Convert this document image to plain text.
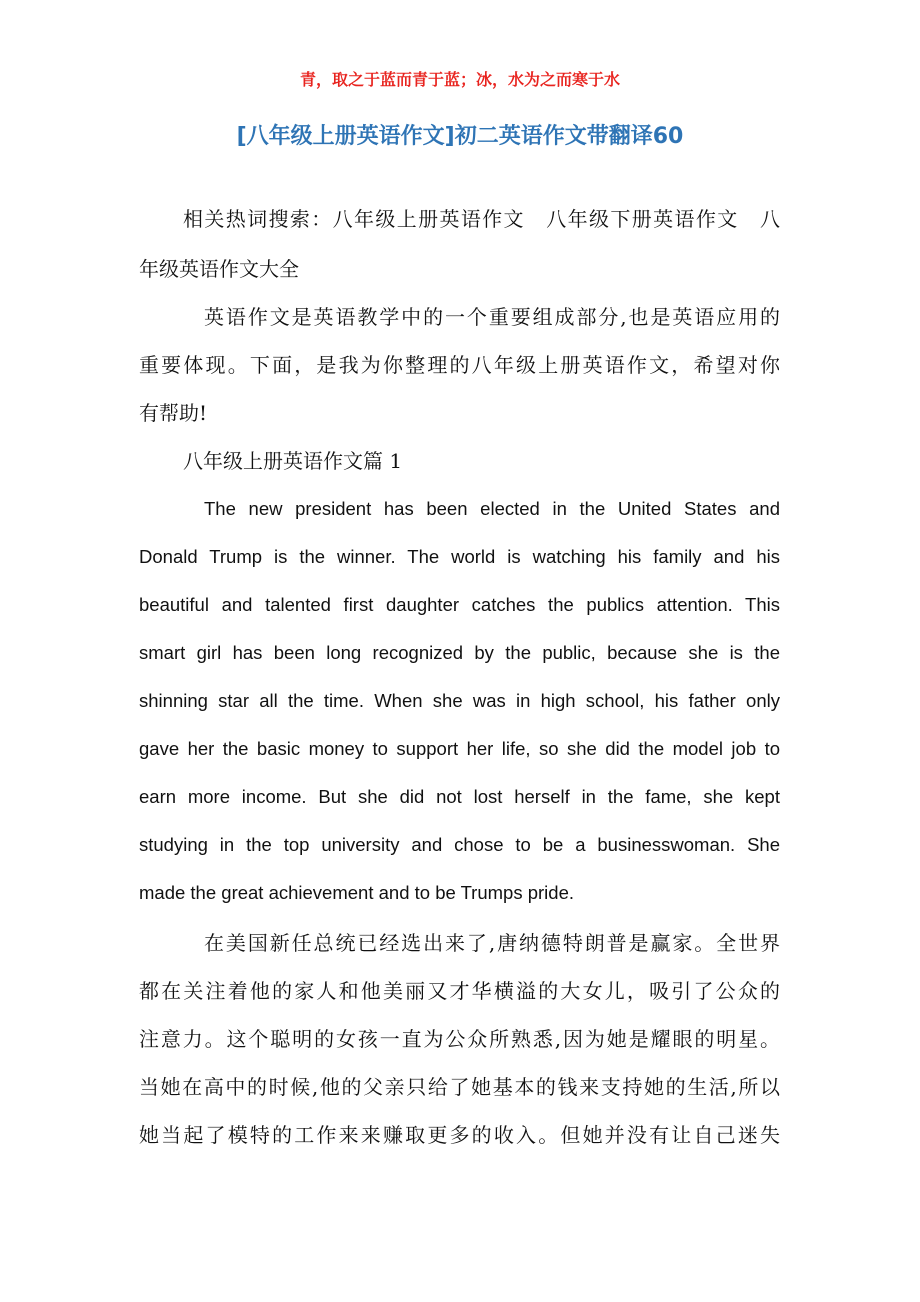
青，取之于蓝而青于蓝；冰，水为之而寒于水
[八年级上册英语作文]初二英语作文带翻译60
相关热词搜索：八年级上册英语作文　八年级下册英语作文　八
年级英语作文大全
英语作文是英语教学中的一个重要组成部分,也是英语应用的
重要体现。下面，是我为你整理的八年级上册英语作文，希望对你
有帮助!
八年级上册英语作文篇 1
The new president has been elected in the United States and
Donald Trump is the winner. The world is watching his family and his
beautiful and talented first daughter catches the publics attention. This
smart girl has been long recognized by the public, because she is the
shinning star all the time. When she was in high school, his father only
gave her the basic money to support her life, so she did the model job to
earn more income. But she did not lost herself in the fame, she kept
studying in the top university and chose to be a businesswoman. She
made the great achievement and to be Trumps pride.
在美国新任总统已经选出来了,唐纳德特朗普是赢家。全世界
都在关注着他的家人和他美丽又才华横溢的大女儿，吸引了公众的
注意力。这个聪明的女孩一直为公众所熟悉,因为她是耀眼的明星。
当她在高中的时候,他的父亲只给了她基本的钱来支持她的生活,所以
她当起了模特的工作来来赚取更多的收入。但她并没有让自己迷失
